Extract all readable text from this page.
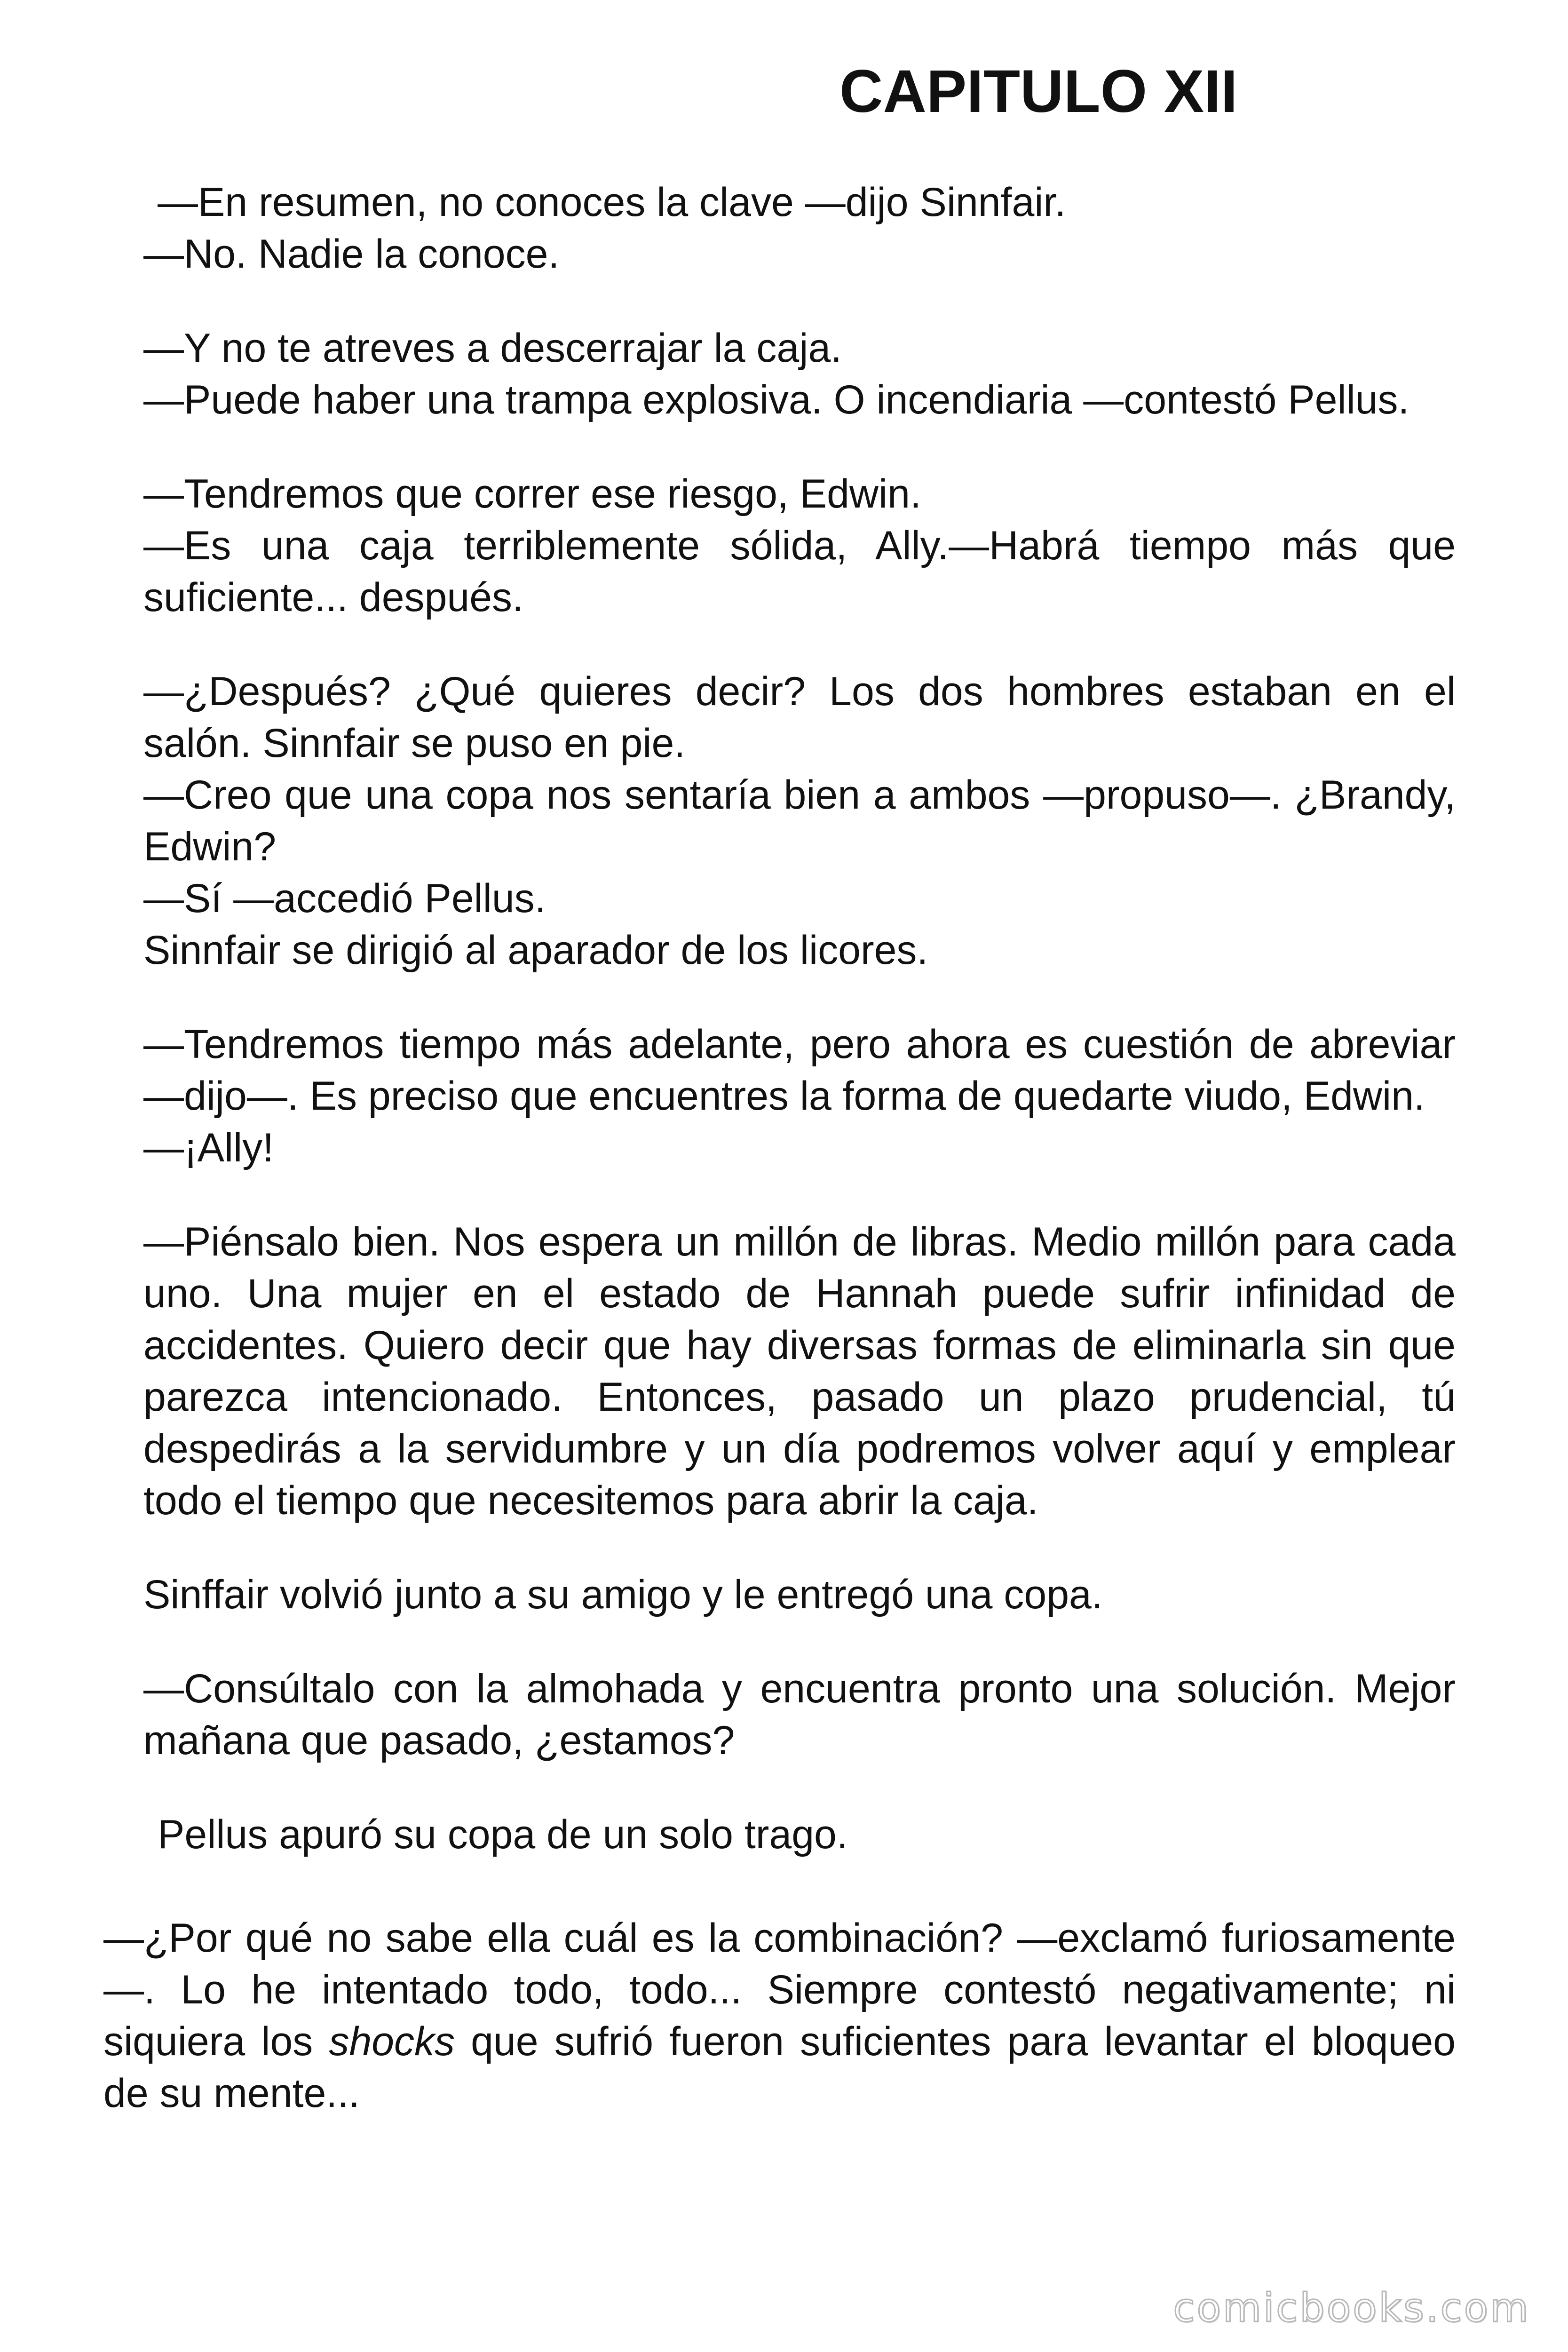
CAPITULO XII

—En resumen, no conoces la clave —dijo Sinnfair.

—No. Nadie la conoce.

—Y no te atreves a descerrajar la caja.

—Puede haber una trampa explosiva. O incendiaria —contestó Pellus.

—Tendremos que correr ese riesgo, Edwin.

—Es una caja terriblemente sólida, Ally.—Habrá tiempo más que suficiente... después.

—¿Después? ¿Qué quieres decir? Los dos hombres estaban en el salón. Sinnfair se puso en pie.

—Creo que una copa nos sentaría bien a ambos —propuso—. ¿Brandy, Edwin?

—Sí —accedió Pellus.

Sinnfair se dirigió al aparador de los licores.

—Tendremos tiempo más adelante, pero ahora es cuestión de abreviar —dijo—. Es preciso que encuentres la forma de quedarte viudo, Edwin.

—¡Ally!

—Piénsalo bien. Nos espera un millón de libras. Medio millón para cada uno. Una mujer en el estado de Hannah puede sufrir infinidad de accidentes. Quiero decir que hay diversas formas de eliminarla sin que parezca intencionado. Entonces, pasado un plazo prudencial, tú despedirás a la servidumbre y un día podremos volver aquí y emplear todo el tiempo que necesitemos para abrir la caja.

Sinffair volvió junto a su amigo y le entregó una copa.

—Consúltalo con la almohada y encuentra pronto una solución. Mejor mañana que pasado, ¿estamos?

Pellus apuró su copa de un solo trago.

—¿Por qué no sabe ella cuál es la combinación? —exclamó furiosamente—. Lo he intentado todo, todo... Siempre contestó negativamente; ni siquiera los shocks que sufrió fueron suficientes para levantar el bloqueo de su mente...

comicbooks.com
